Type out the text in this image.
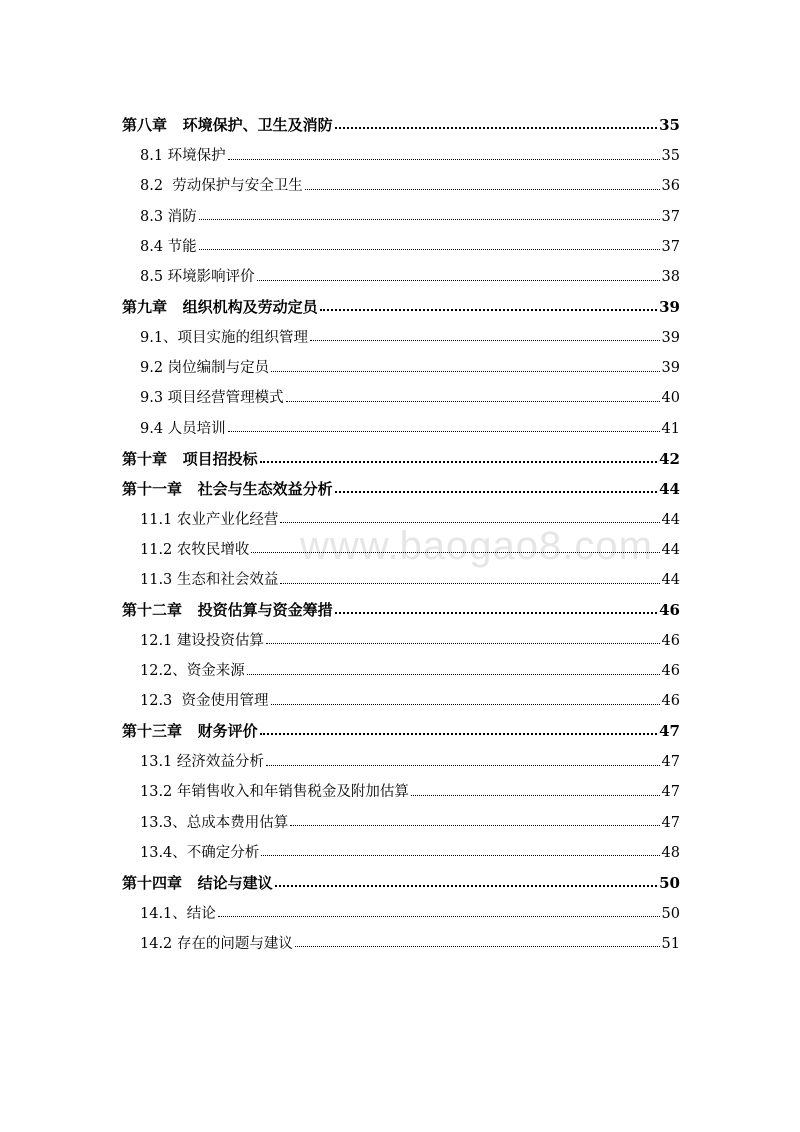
www.baogao8.com
第八章   环境保护、卫生及消防	35
8.1 环境保护	35
8.2  劳动保护与安全卫生	36
8.3 消防	37
8.4 节能	37
8.5 环境影响评价	38
第九章   组织机构及劳动定员	39
9.1、项目实施的组织管理	39
9.2 岗位编制与定员	39
9.3 项目经营管理模式	40
9.4 人员培训	41
第十章   项目招投标	42
第十一章   社会与生态效益分析	44
11.1 农业产业化经营	44
11.2 农牧民增收	44
11.3 生态和社会效益	44
第十二章   投资估算与资金筹措	46
12.1 建设投资估算	46
12.2、资金来源	46
12.3  资金使用管理	46
第十三章   财务评价	47
13.1 经济效益分析	47
13.2 年销售收入和年销售税金及附加估算	47
13.3、总成本费用估算	47
13.4、不确定分析	48
第十四章   结论与建议	50
14.1、结论	50
14.2 存在的问题与建议	51
